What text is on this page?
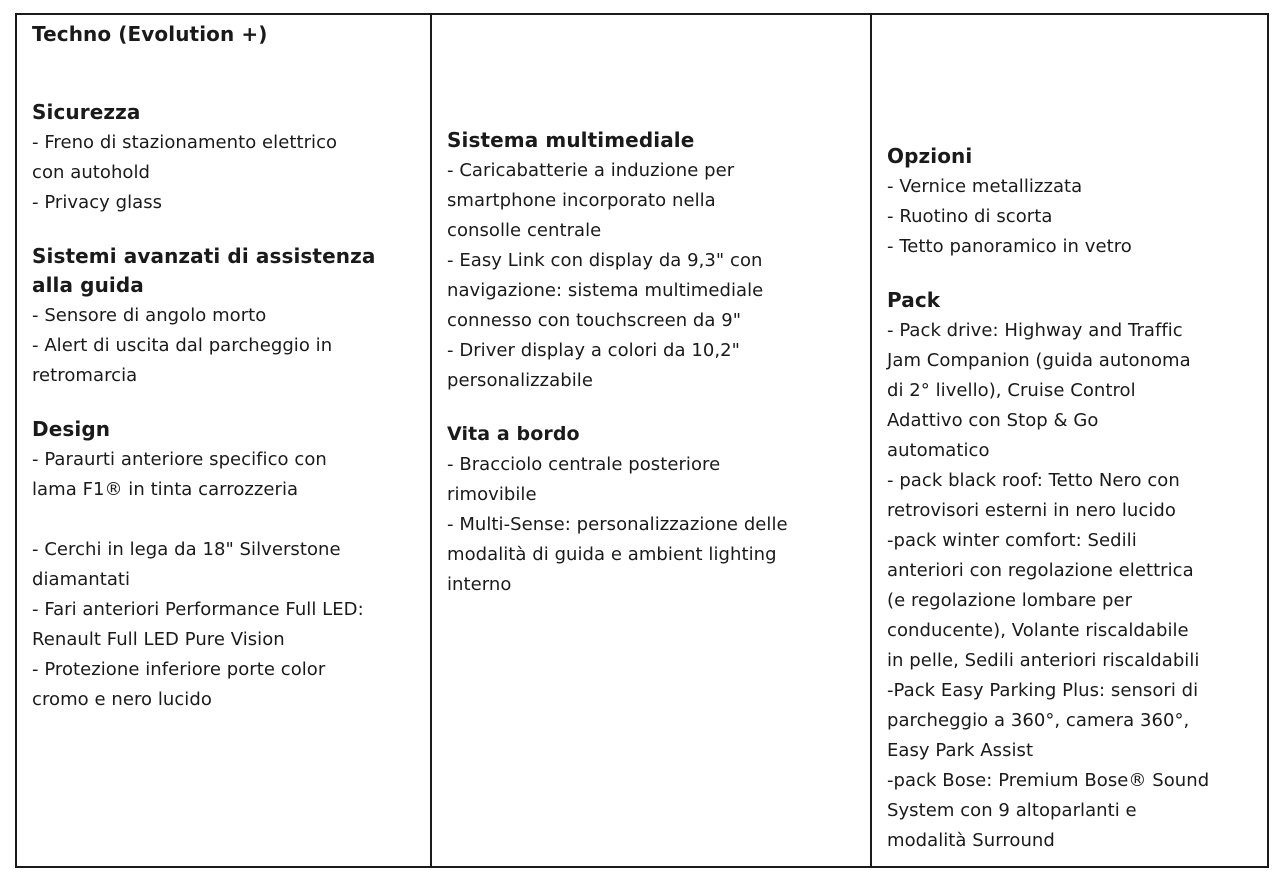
Techno (Evolution +)
Sicurezza
- Freno di stazionamento elettrico
con autohold
- Privacy glass
Sistemi avanzati di assistenza
alla guida
- Sensore di angolo morto
- Alert di uscita dal parcheggio in
retromarcia
Design
- Paraurti anteriore specifico con
lama F1® in tinta carrozzeria
- Cerchi in lega da 18" Silverstone
diamantati
- Fari anteriori Performance Full LED:
Renault Full LED Pure Vision
- Protezione inferiore porte color
cromo e nero lucido
Sistema multimediale
- Caricabatterie a induzione per
smartphone incorporato nella
consolle centrale
- Easy Link con display da 9,3" con
navigazione: sistema multimediale
connesso con touchscreen da 9"
- Driver display a colori da 10,2"
personalizzabile
Vita a bordo
- Bracciolo centrale posteriore
rimovibile
- Multi-Sense: personalizzazione delle
modalità di guida e ambient lighting
interno
Opzioni
- Vernice metallizzata
- Ruotino di scorta
- Tetto panoramico in vetro
Pack
- Pack drive: Highway and Traffic
Jam Companion (guida autonoma
di 2° livello), Cruise Control
Adattivo con Stop & Go
automatico
- pack black roof: Tetto Nero con
retrovisori esterni in nero lucido
-pack winter comfort: Sedili
anteriori con regolazione elettrica
(e regolazione lombare per
conducente), Volante riscaldabile
in pelle, Sedili anteriori riscaldabili
-Pack Easy Parking Plus: sensori di
parcheggio a 360°, camera 360°,
Easy Park Assist
-pack Bose: Premium Bose® Sound
System con 9 altoparlanti e
modalità Surround
